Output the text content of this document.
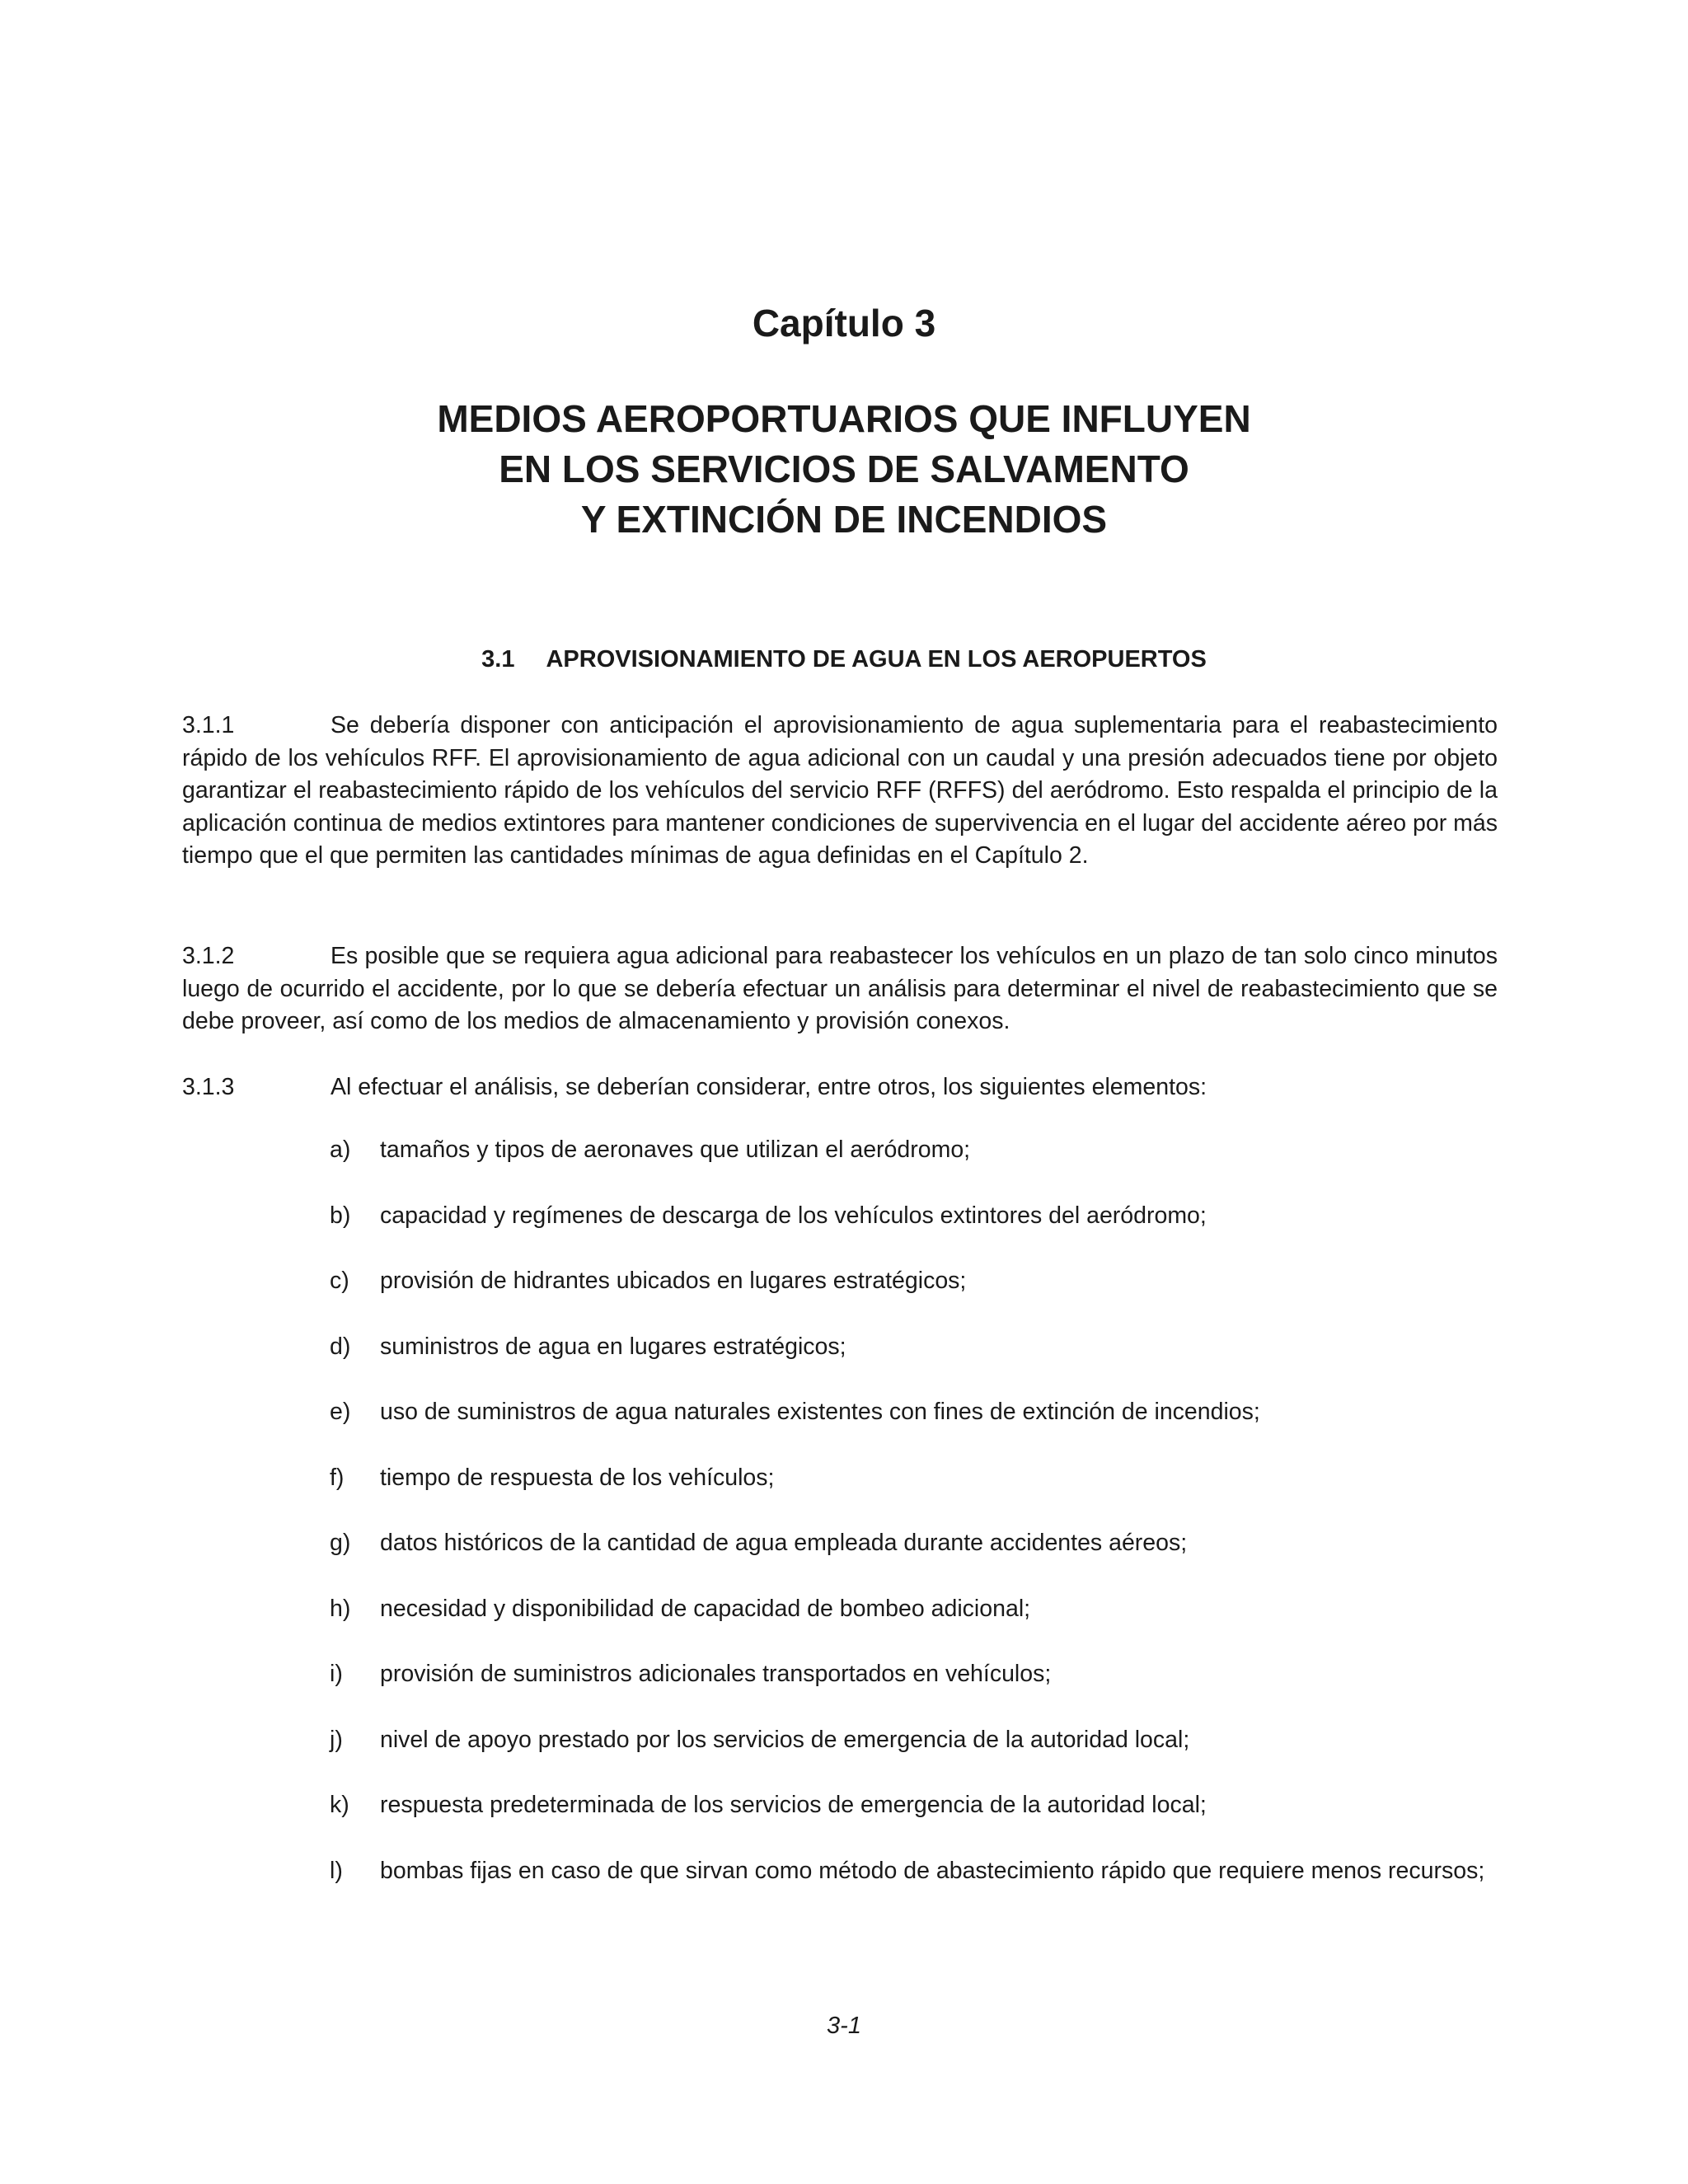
Capítulo 3
MEDIOS AEROPORTUARIOS QUE INFLUYEN
EN LOS SERVICIOS DE SALVAMENTO
Y EXTINCIÓN DE INCENDIOS
3.1 APROVISIONAMIENTO DE AGUA EN LOS AEROPUERTOS
3.1.1	Se debería disponer con anticipación el aprovisionamiento de agua suplementaria para el reabastecimiento rápido de los vehículos RFF. El aprovisionamiento de agua adicional con un caudal y una presión adecuados tiene por objeto garantizar el reabastecimiento rápido de los vehículos del servicio RFF (RFFS) del aeródromo. Esto respalda el principio de la aplicación continua de medios extintores para mantener condiciones de supervivencia en el lugar del accidente aéreo por más tiempo que el que permiten las cantidades mínimas de agua definidas en el Capítulo 2.
3.1.2	Es posible que se requiera agua adicional para reabastecer los vehículos en un plazo de tan solo cinco minutos luego de ocurrido el accidente, por lo que se debería efectuar un análisis para determinar el nivel de reabastecimiento que se debe proveer, así como de los medios de almacenamiento y provisión conexos.
3.1.3	Al efectuar el análisis, se deberían considerar, entre otros, los siguientes elementos:
a) tamaños y tipos de aeronaves que utilizan el aeródromo;
b) capacidad y regímenes de descarga de los vehículos extintores del aeródromo;
c) provisión de hidrantes ubicados en lugares estratégicos;
d) suministros de agua en lugares estratégicos;
e) uso de suministros de agua naturales existentes con fines de extinción de incendios;
f) tiempo de respuesta de los vehículos;
g) datos históricos de la cantidad de agua empleada durante accidentes aéreos;
h) necesidad y disponibilidad de capacidad de bombeo adicional;
i) provisión de suministros adicionales transportados en vehículos;
j) nivel de apoyo prestado por los servicios de emergencia de la autoridad local;
k) respuesta predeterminada de los servicios de emergencia de la autoridad local;
l) bombas fijas en caso de que sirvan como método de abastecimiento rápido que requiere menos recursos;
3-1
